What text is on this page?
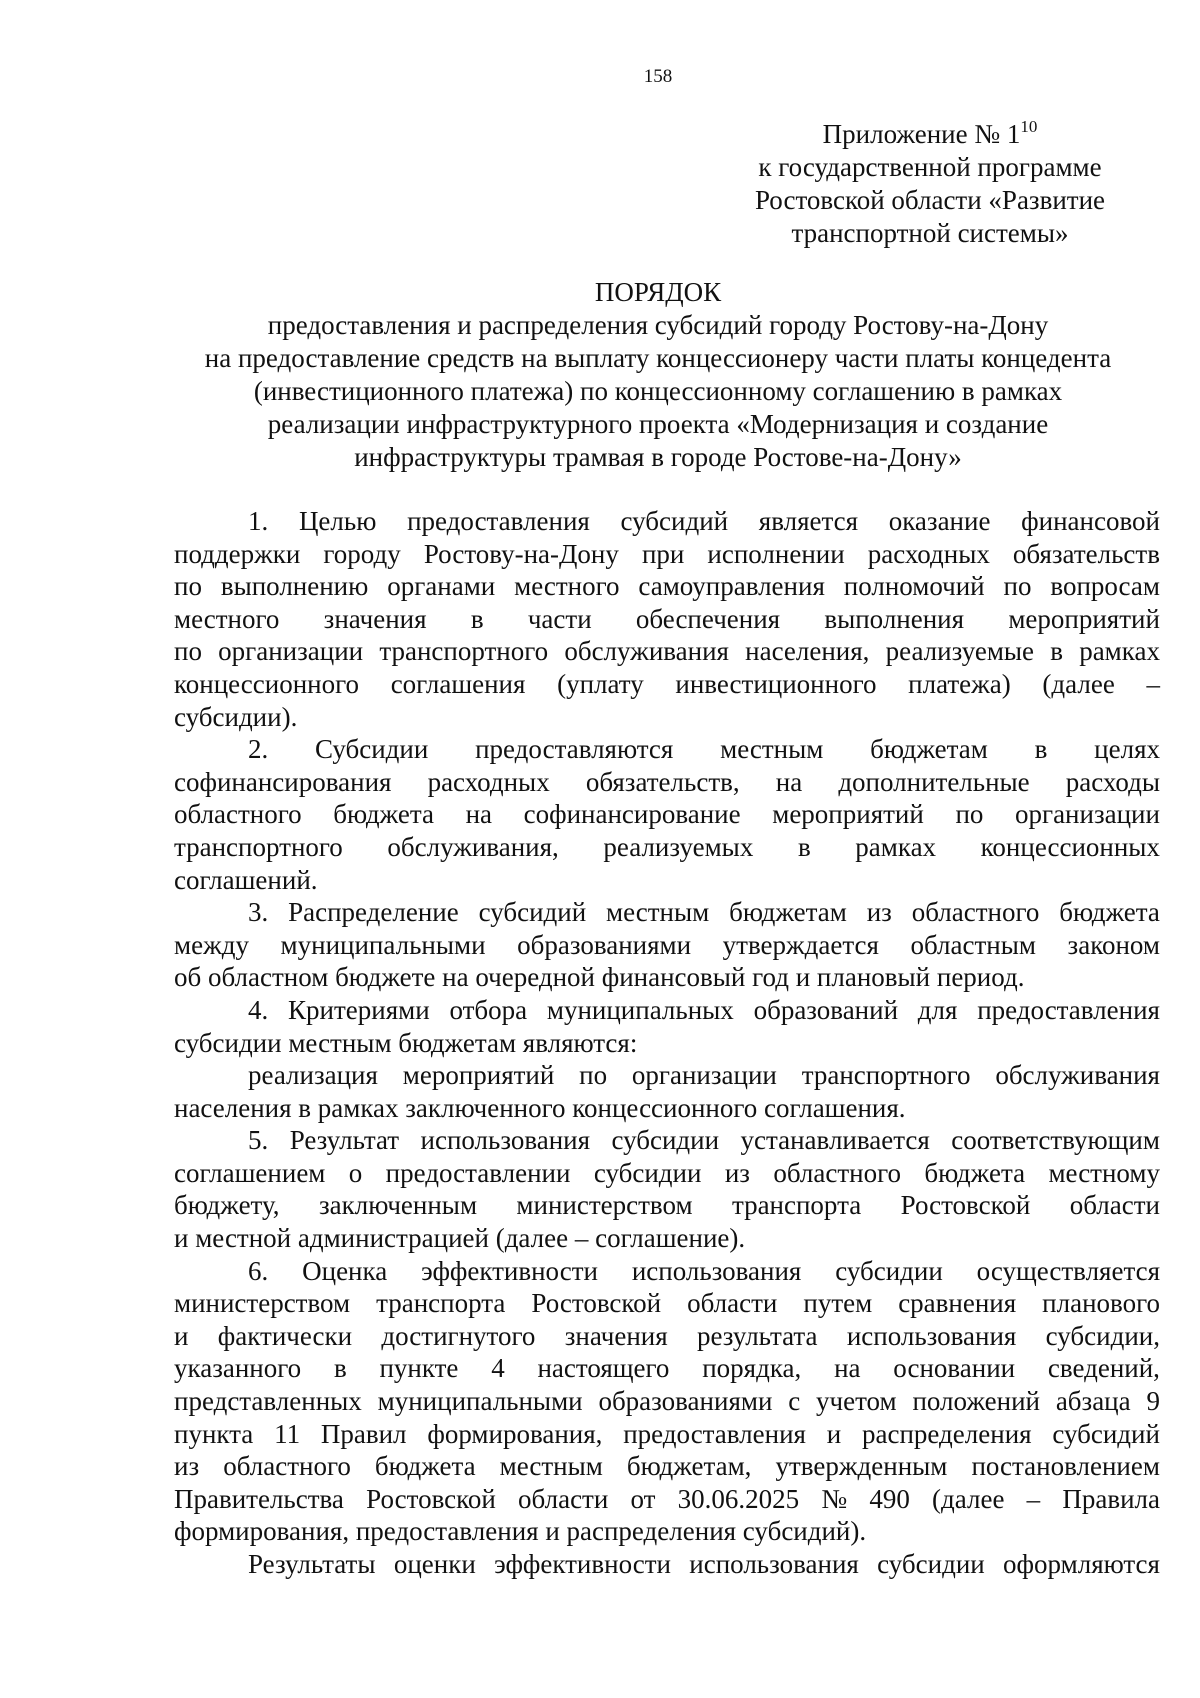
158
Приложение № $1^{10}$
к государственной программе
Ростовской области «Развитие
транспортной системы»
ПОРЯДОК
предоставления и распределения субсидий городу Ростову-на-Дону
на предоставление средств на выплату концессионеру части платы концедента
(инвестиционного платежа) по концессионному соглашению в рамках
реализации инфраструктурного проекта «Модернизация и создание
инфраструктуры трамвая в городе Ростове-на-Дону»
1. Целью предоставления субсидий является оказание финансовой
поддержки городу Ростову-на-Дону при исполнении расходных обязательств
по выполнению органами местного самоуправления полномочий по вопросам
местного значения в части обеспечения выполнения мероприятий
по организации транспортного обслуживания населения, реализуемые в рамках
концессионного соглашения (уплату инвестиционного платежа) (далее –
субсидии).
2. Субсидии предоставляются местным бюджетам в целях
софинансирования расходных обязательств, на дополнительные расходы
областного бюджета на софинансирование мероприятий по организации
транспортного обслуживания, реализуемых в рамках концессионных
соглашений.
3. Распределение субсидий местным бюджетам из областного бюджета
между муниципальными образованиями утверждается областным законом
об областном бюджете на очередной финансовый год и плановый период.
4. Критериями отбора муниципальных образований для предоставления
субсидии местным бюджетам являются:
реализация мероприятий по организации транспортного обслуживания
населения в рамках заключенного концессионного соглашения.
5. Результат использования субсидии устанавливается соответствующим
соглашением о предоставлении субсидии из областного бюджета местному
бюджету, заключенным министерством транспорта Ростовской области
и местной администрацией (далее – соглашение).
6. Оценка эффективности использования субсидии осуществляется
министерством транспорта Ростовской области путем сравнения планового
и фактически достигнутого значения результата использования субсидии,
указанного в пункте 4 настоящего порядка, на основании сведений,
представленных муниципальными образованиями с учетом положений абзаца 9
пункта 11 Правил формирования, предоставления и распределения субсидий
из областного бюджета местным бюджетам, утвержденным постановлением
Правительства Ростовской области от 30.06.2025 № 490 (далее – Правила
формирования, предоставления и распределения субсидий).
Результаты оценки эффективности использования субсидии оформляются
